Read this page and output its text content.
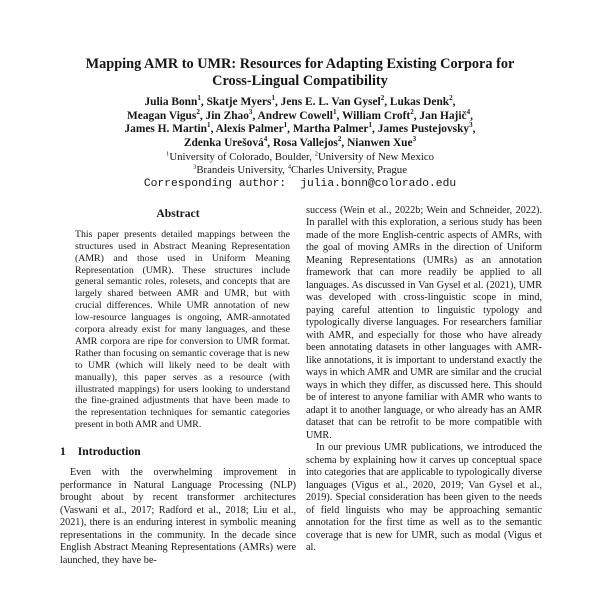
Mapping AMR to UMR: Resources for Adapting Existing Corpora for Cross-Lingual Compatibility
Julia Bonn$^1$, Skatje Myers$^1$, Jens E. L. Van Gysel$^2$, Lukas Denk$^2$,
Meagan Vigus$^2$, Jin Zhao$^3$, Andrew Cowell$^1$, William Croft$^2$, Jan Hajič$^4$,
James H. Martin$^1$, Alexis Palmer$^1$, Martha Palmer$^1$, James Pustejovsky$^3$,
Zdenka Urešová$^4$, Rosa Vallejos$^2$, Nianwen Xue$^3$
$^1$University of Colorado, Boulder, $^2$University of New Mexico
$^3$Brandeis University, $^4$Charles University, Prague
Corresponding author: julia.bonn@colorado.edu
Abstract

This paper presents detailed mappings between the structures used in Abstract Meaning Representation (AMR) and those used in Uniform Meaning Representation (UMR). These structures include general semantic roles, rolesets, and concepts that are largely shared between AMR and UMR, but with crucial differences. While UMR annotation of new low-resource languages is ongoing, AMR-annotated corpora already exist for many languages, and these AMR corpora are ripe for conversion to UMR format. Rather than focusing on semantic coverage that is new to UMR (which will likely need to be dealt with manually), this paper serves as a resource (with illustrated mappings) for users looking to understand the fine-grained adjustments that have been made to the representation techniques for semantic categories present in both AMR and UMR.

1 Introduction

Even with the overwhelming improvement in performance in Natural Language Processing (NLP) brought about by recent transformer architectures (Vaswani et al., 2017; Radford et al., 2018; Liu et al., 2021), there is an enduring interest in symbolic meaning representations in the community. In the decade since English Abstract Meaning Representations (AMRs) were launched, they have be-

success (Wein et al., 2022b; Wein and Schneider, 2022). In parallel with this exploration, a serious study has been made of the more English-centric aspects of AMRs, with the goal of moving AMRs in the direction of Uniform Meaning Representations (UMRs) as an annotation framework that can more readily be applied to all languages. As discussed in Van Gysel et al. (2021), UMR was developed with cross-linguistic scope in mind, paying careful attention to linguistic typology and typologically diverse languages. For researchers familiar with AMR, and especially for those who have already been annotating datasets in other languages with AMR-like annotations, it is important to understand exactly the ways in which AMR and UMR are similar and the crucial ways in which they differ, as discussed here. This should be of interest to anyone familiar with AMR who wants to adapt it to another language, or who already has an AMR dataset that can be retrofit to be more compatible with UMR.

In our previous UMR publications, we introduced the schema by explaining how it carves up conceptual space into categories that are applicable to typologically diverse languages (Vigus et al., 2020, 2019; Van Gysel et al., 2019). Special consideration has been given to the needs of field linguists who may be approaching semantic annotation for the first time as well as to the semantic coverage that is new for UMR, such as modal (Vigus et al.
